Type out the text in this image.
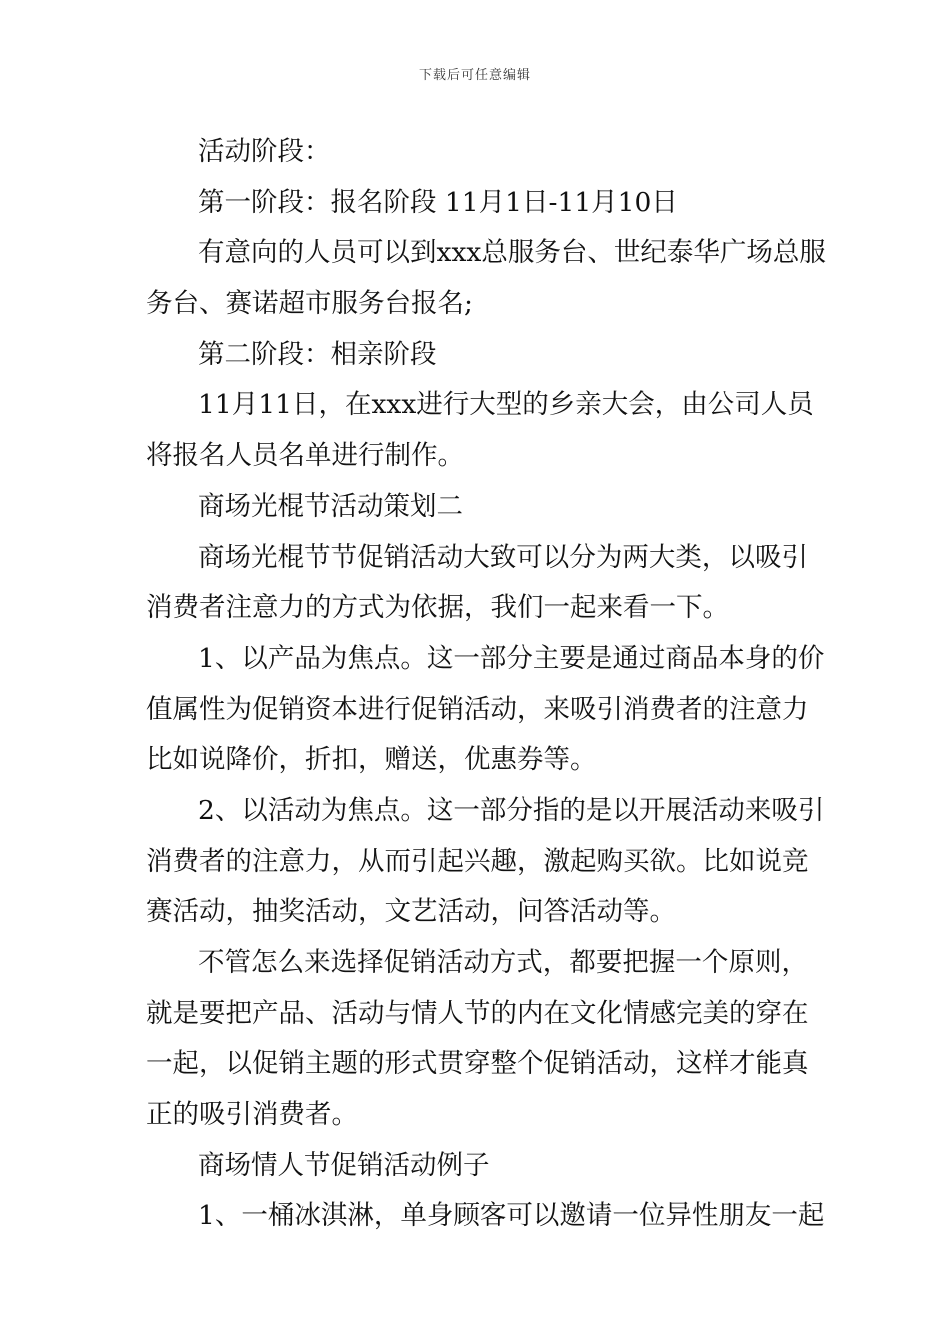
下载后可任意编辑
活动阶段：
第一阶段：报名阶段 11月1日-11月10日
有意向的人员可以到xxx总服务台、世纪泰华广场总服
务台、赛诺超市服务台报名;
第二阶段：相亲阶段
11月11日，在xxx进行大型的乡亲大会，由公司人员
将报名人员名单进行制作。
商场光棍节活动策划二
商场光棍节节促销活动大致可以分为两大类，以吸引
消费者注意力的方式为依据，我们一起来看一下。
1、以产品为焦点。这一部分主要是通过商品本身的价
值属性为促销资本进行促销活动，来吸引消费者的注意力
比如说降价，折扣，赠送，优惠券等。
2、以活动为焦点。这一部分指的是以开展活动来吸引
消费者的注意力，从而引起兴趣，激起购买欲。比如说竞
赛活动，抽奖活动，文艺活动，问答活动等。
不管怎么来选择促销活动方式，都要把握一个原则，
就是要把产品、活动与情人节的内在文化情感完美的穿在
一起，以促销主题的形式贯穿整个促销活动，这样才能真
正的吸引消费者。
商场情人节促销活动例子
1、一桶冰淇淋，单身顾客可以邀请一位异性朋友一起
